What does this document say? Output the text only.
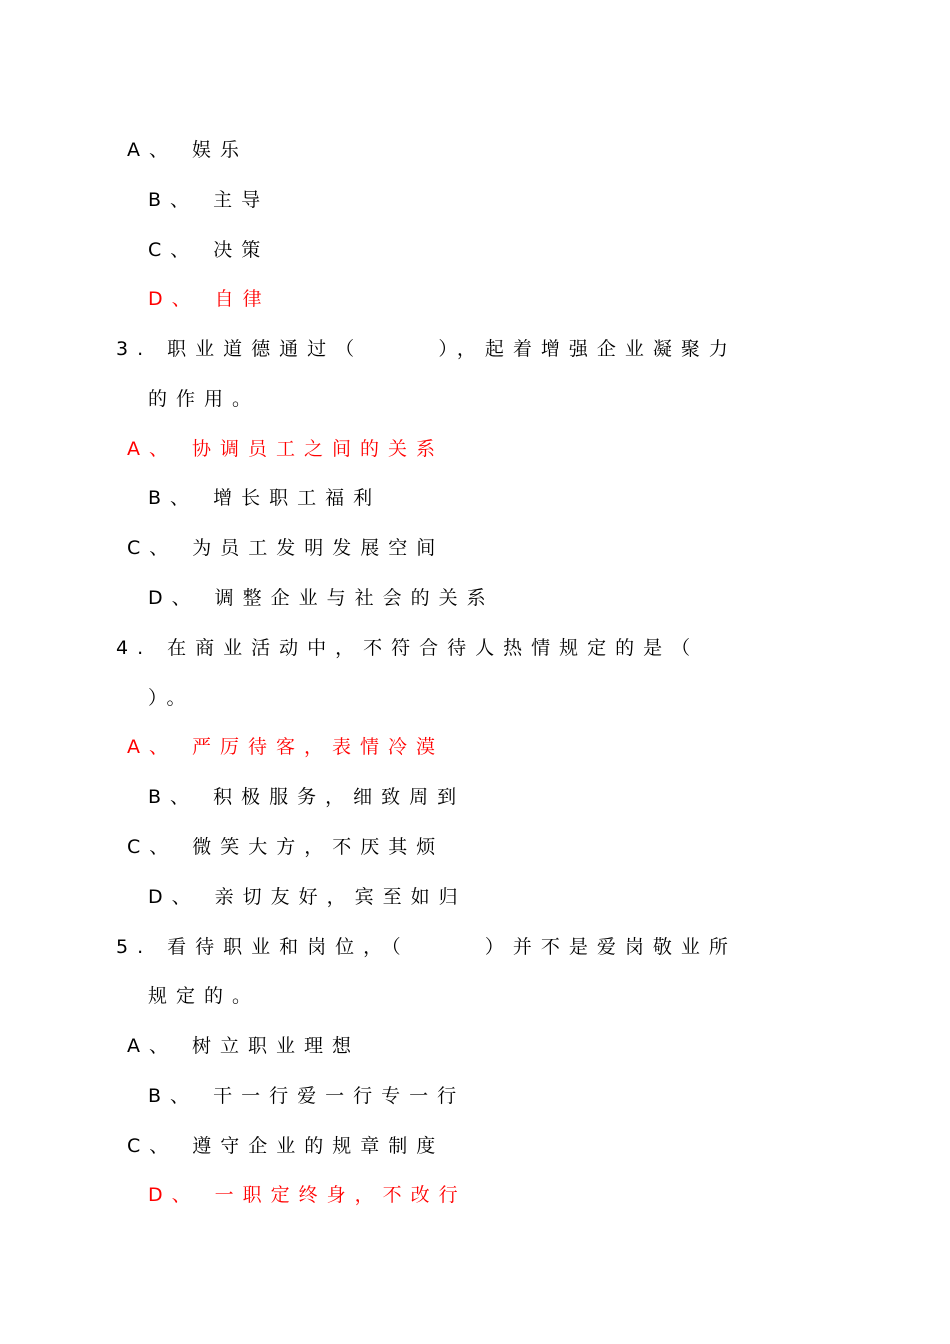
A、 娱乐
B、 主导
C、 决策
D、 自律
3. 职业道德通过（     ），起着增强企业凝聚力
的作用。
A、 协调员工之间的关系
B、 增长职工福利
C、 为员工发明发展空间
D、 调整企业与社会的关系
4. 在商业活动中，不符合待人热情规定的是（
）。
A、 严厉待客，表情冷漠
B、 积极服务，细致周到
C、 微笑大方，不厌其烦
D、 亲切友好，宾至如归
5. 看待职业和岗位，（     ）并不是爱岗敬业所
规定的。
A、 树立职业理想
B、 干一行爱一行专一行
C、 遵守企业的规章制度
D、 一职定终身，不改行
